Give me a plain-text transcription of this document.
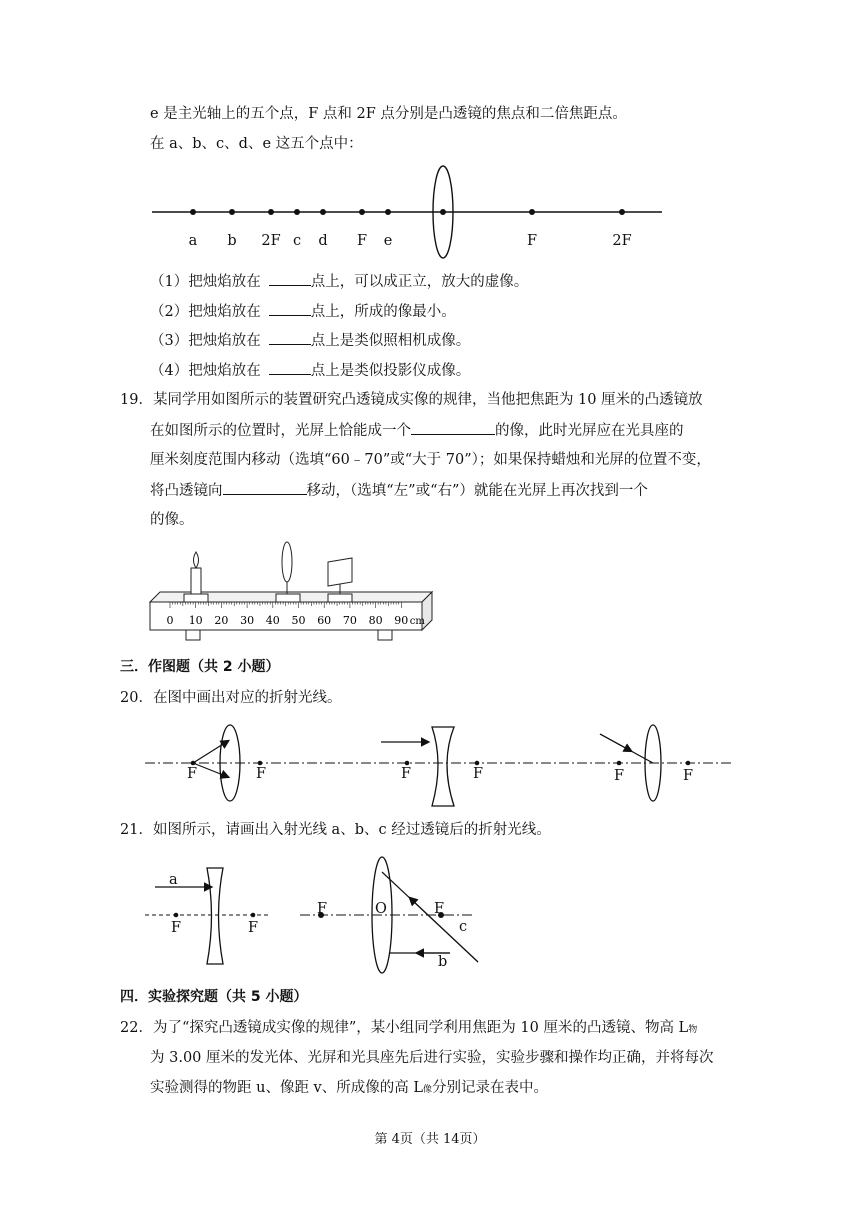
e 是主光轴上的五个点，F 点和 2F 点分别是凸透镜的焦点和二倍焦距点。
在 a、b、c、d、e 这五个点中：
a	b	2F c	d	F	e	F	2F
（1）把烛焰放在	点上，可以成正立，放大的虚像。
（2）把烛焰放在	点上，所成的像最小。
（3）把烛焰放在	点上是类似照相机成像。
（4）把烛焰放在	点上是类似投影仪成像。
19．某同学用如图所示的装置研究凸透镜成实像的规律，当他把焦距为 10 厘米的凸透镜放
在如图所示的位置时，光屏上恰能成一个	的像，此时光屏应在光具座的
厘米刻度范围内移动（选填“60﹣70”或“大于 70”）；如果保持蜡烛和光屏的位置不变，
将凸透镜向	移动，（选填“左”或“右”）就能在光屏上再次找到一个
的像。
0 10 20 30 40 50 60 70 80 90 cm
三．作图题（共 2 小题）
20．在图中画出对应的折射光线。
F	F	F	F	F	F
21．如图所示，请画出入射光线 a、b、c 经过透镜后的折射光线。
a
F	F
F	O	F
c
b
四．实验探究题（共 5 小题）
22．为了“探究凸透镜成实像的规律”，某小组同学利用焦距为 10 厘米的凸透镜、物高 L物
为 3.00 厘米的发光体、光屏和光具座先后进行实验，实验步骤和操作均正确，并将每次
实验测得的物距 u、像距 v、所成像的高 L像分别记录在表中。
第 4页（共 14页）
